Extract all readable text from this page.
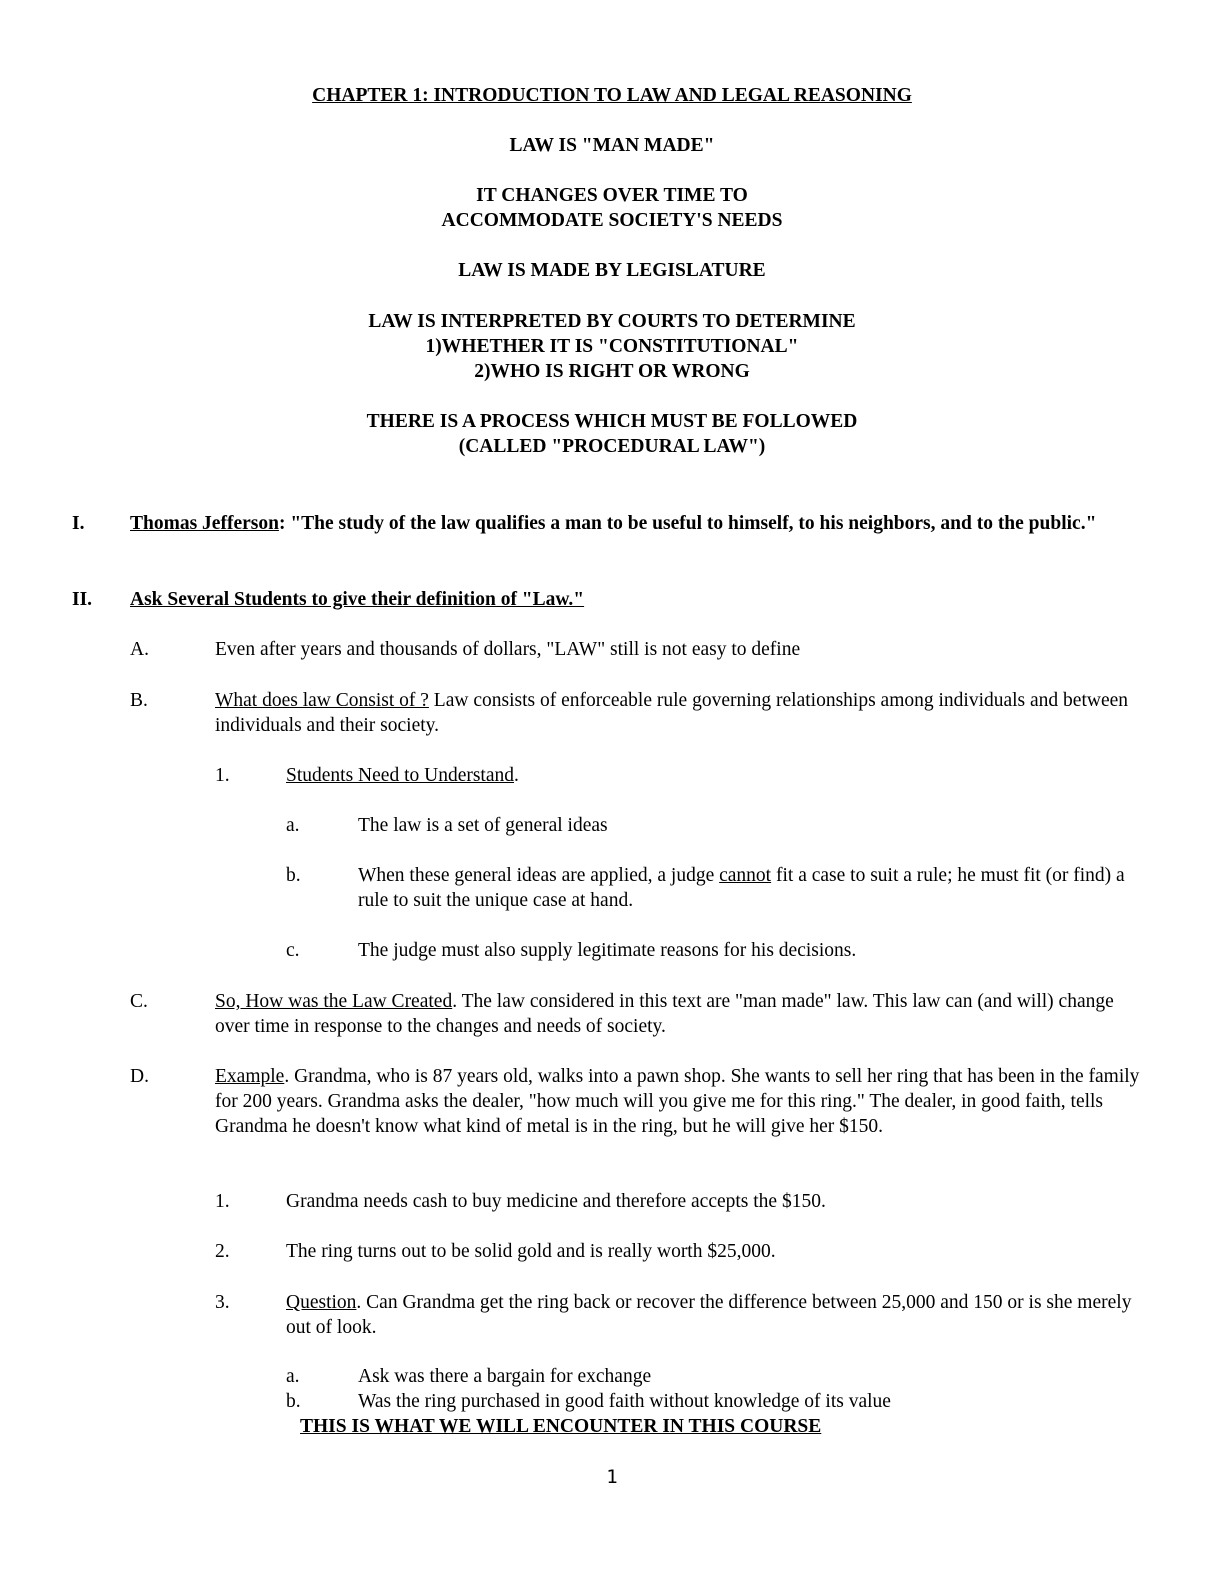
CHAPTER 1: INTRODUCTION TO LAW AND LEGAL REASONING
LAW IS "MAN MADE"
IT CHANGES OVER TIME TO
ACCOMMODATE SOCIETY'S NEEDS
LAW IS MADE BY LEGISLATURE
LAW IS INTERPRETED BY COURTS TO DETERMINE
1)WHETHER IT IS "CONSTITUTIONAL"
2)WHO IS RIGHT OR WRONG
THERE IS A PROCESS WHICH MUST BE FOLLOWED
(CALLED "PROCEDURAL LAW")
I. Thomas Jefferson: "The study of the law qualifies a man to be useful to himself, to his neighbors, and to the public."
II. Ask Several Students to give their definition of "Law."
A.	Even after years and thousands of dollars, "LAW" still is not easy to define
B.	What does law Consist of ? Law consists of enforceable rule governing relationships among individuals and between individuals and their society.
1.	Students Need to Understand.
a.	The law is a set of general ideas
b.	When these general ideas are applied, a judge cannot fit a case to suit a rule; he must fit (or find) a rule to suit the unique case at hand.
c.	The judge must also supply legitimate reasons for his decisions.
C.	So, How was the Law Created. The law considered in this text are "man made" law. This law can (and will) change over time in response to the changes and needs of society.
D.	Example. Grandma, who is 87 years old, walks into a pawn shop. She wants to sell her ring that has been in the family for 200 years. Grandma asks the dealer, "how much will you give me for this ring." The dealer, in good faith, tells Grandma he doesn't know what kind of metal is in the ring, but he will give her $150.
1.	Grandma needs cash to buy medicine and therefore accepts the $150.
2.	The ring turns out to be solid gold and is really worth $25,000.
3.	Question. Can Grandma get the ring back or recover the difference between 25,000 and 150 or is she merely out of look.
a.	Ask was there a bargain for exchange
b.	Was the ring purchased in good faith without knowledge of its value
THIS IS WHAT WE WILL ENCOUNTER IN THIS COURSE
1
